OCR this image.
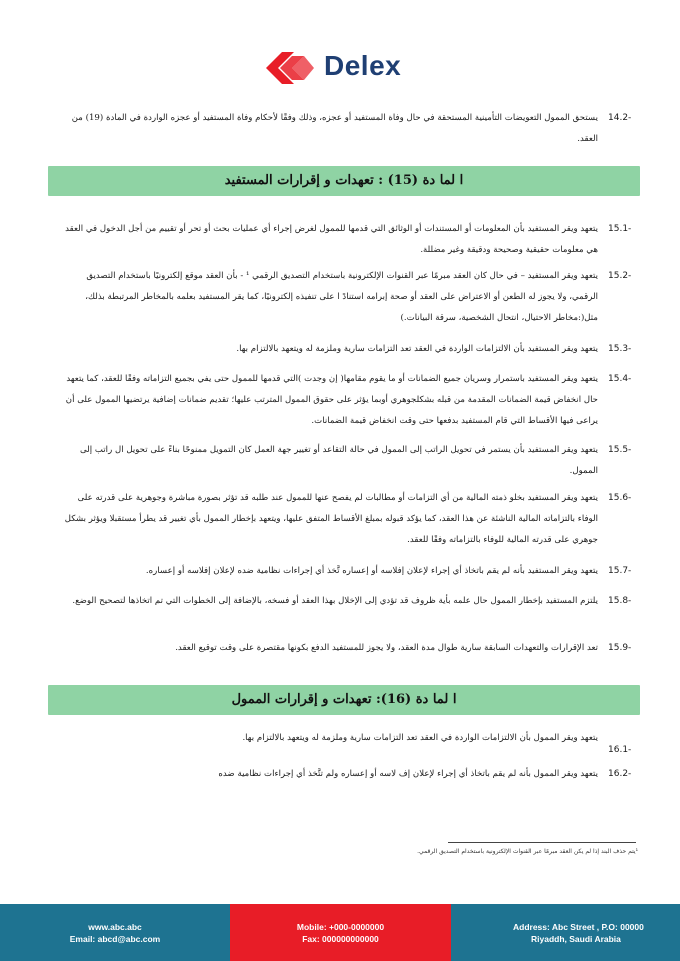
Delex
14.2-
يستحق الممول التعويضات التأمينية المستحقة في حال وفاة المستفيد أو عجزه، وذلك وفقًا لأحكام وفاة المستفيد أو عجزه الواردة في المادة (19) من العقد.
ا لما دة (15) : تعهدات و إقرارات المستفيد
15.1-
يتعهد ويقر المستفيد بأن المعلومات أو المستندات أو الوثائق التي قدمها للممول لغرض إجراء أي عمليات بحث أو تحر أو تقييم من أجل الدخول في العقد هي معلومات حقيقية وصحيحة ودقيقة وغير مضللة.
15.2-
يتعهد ويقر المستفيد – في حال كان العقد مبرمًا عبر القنوات الإلكترونية باستخدام التصديق الرقمي ¹ - بأن العقد موقع إلكترونيًا باستخدام التصديق الرقمي، ولا يجوز له الطعن أو الاعتراض على العقد أو صحة إبرامه استنادً ا على تنفيذه إلكترونيًا، كما يقر المستفيد بعلمه بالمخاطر المرتبطة بذلك، مثل(:مخاطر الاحتيال، انتحال الشخصية، سرقة البيانات.)
15.3-
يتعهد ويقر المستفيد بأن الالتزامات الواردة في العقد تعد التزامات سارية وملزمة له ويتعهد بالالتزام بها.
15.4-
يتعهد ويقر المستفيد باستمرار وسريان جميع الضمانات أو ما يقوم مقامها( إن وجدت )التي قدمها للممول حتى يفي بجميع التزاماته وفقًا للعقد، كما يتعهد حال انخفاض قيمة الضمانات المقدمة من قبله بشكلجوهري أوبما يؤثر على حقوق الممول المترتب عليها؛ تقديم ضمانات إضافية يرتضيها الممول على أن يراعى فيها الأقساط التي قام المستفيد بدفعها حتى وقت انخفاض قيمة الضمانات.
15.5-
يتعهد ويقر المستفيد بأن يستمر في تحويل الراتب إلى الممول في حالة التقاعد أو تغيير جهة العمل كان التمويل ممنوحًا بناءً على تحويل ال راتب إلى الممول.
15.6-
يتعهد ويقر المستفيد بخلو ذمته المالية من أي التزامات أو مطالبات لم يفصح عنها للممول عند طلبه قد تؤثر بصورة مباشرة وجوهرية على قدرته على الوفاء بالتزاماته المالية الناشئة عن هذا العقد، كما يؤكد قبوله بمبلغ الأقساط المتفق عليها، ويتعهد بإخطار الممول بأي تغيير قد يطرأ مستقبلا ويؤثر بشكل جوهري على قدرته المالية للوفاء بالتزاماته وفقًا للعقد.
15.7-
يتعهد ويقر المستفيد بأنه لم يقم باتخاذ أي إجراء لإعلان إفلاسه أو إعساره تَّخذ أي إجراءات نظامية ضده لإعلان إفلاسه أو إعساره.
15.8-
يلتزم المستفيد بإخطار الممول حال علمه بأية ظروف قد تؤدي إلى الإخلال بهذا العقد أو فسخه، بالإضافة إلى الخطوات التي تم اتخاذها لتصحيح الوضع.
15.9-
تعد الإقرارات والتعهدات السابقة سارية طوال مدة العقد، ولا يجوز للمستفيد الدفع بكونها مقتصرة على وقت توقيع العقد.
ا لما دة (16): تعهدات و إقرارات الممول
16.1-
يتعهد ويقر الممول بأن الالتزامات الواردة في العقد تعد التزامات سارية وملزمة له ويتعهد بالالتزام بها.
16.2-
يتعهد ويقر الممول بأنه لم يقم باتخاذ أي إجراء لإعلان إف لاسه أو إعساره ولم تتَّخذ أي إجراءات نظامية ضده
¹يتم حذف البند إذا لم يكن العقد مبرمًا عبر القنوات الإلكترونية باستخدام التصديق الرقمي.
www.abc.abc
Email: abcd@abc.com
Mobile: +000-0000000
Fax: 000000000000
Address: Abc Street , P.O: 00000
Riyaddh, Saudi Arabia
